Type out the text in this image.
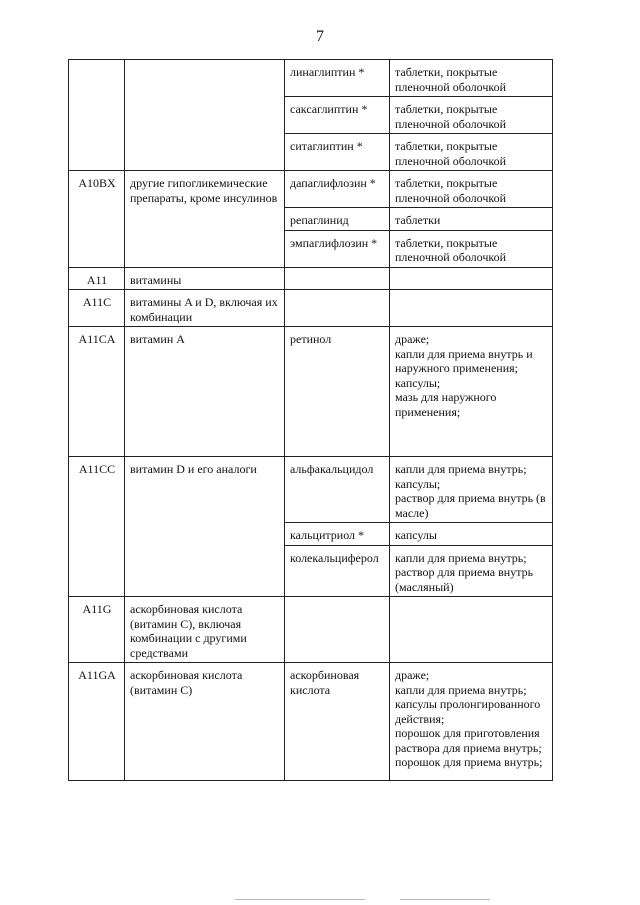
7
		линаглиптин *	таблетки, покрытые пленочной оболочкой
		саксаглиптин *	таблетки, покрытые пленочной оболочкой
		ситаглиптин *	таблетки, покрытые пленочной оболочкой
A10BX	другие гипогликемические препараты, кроме инсулинов	дапаглифлозин *	таблетки, покрытые пленочной оболочкой
		репаглинид	таблетки
		эмпаглифлозин *	таблетки, покрытые пленочной оболочкой
A11	витамины		
A11C	витамины A и D, включая их комбинации		
A11CA	витамин A	ретинол	драже;
капли для приема внутрь и наружного применения;
капсулы;
мазь для наружного применения;
A11CC	витамин D и его аналоги	альфакальцидол	капли для приема внутрь;
капсулы;
раствор для приема внутрь (в масле)
		кальцитриол *	капсулы
		колекальциферол	капли для приема внутрь;
раствор для приема внутрь (масляный)
A11G	аскорбиновая кислота (витамин C), включая комбинации с другими средствами		
A11GA	аскорбиновая кислота (витамин C)	аскорбиновая кислота	драже;
капли для приема внутрь;
капсулы пролонгированного действия;
порошок для приготовления раствора для приема внутрь;
порошок для приема внутрь;
